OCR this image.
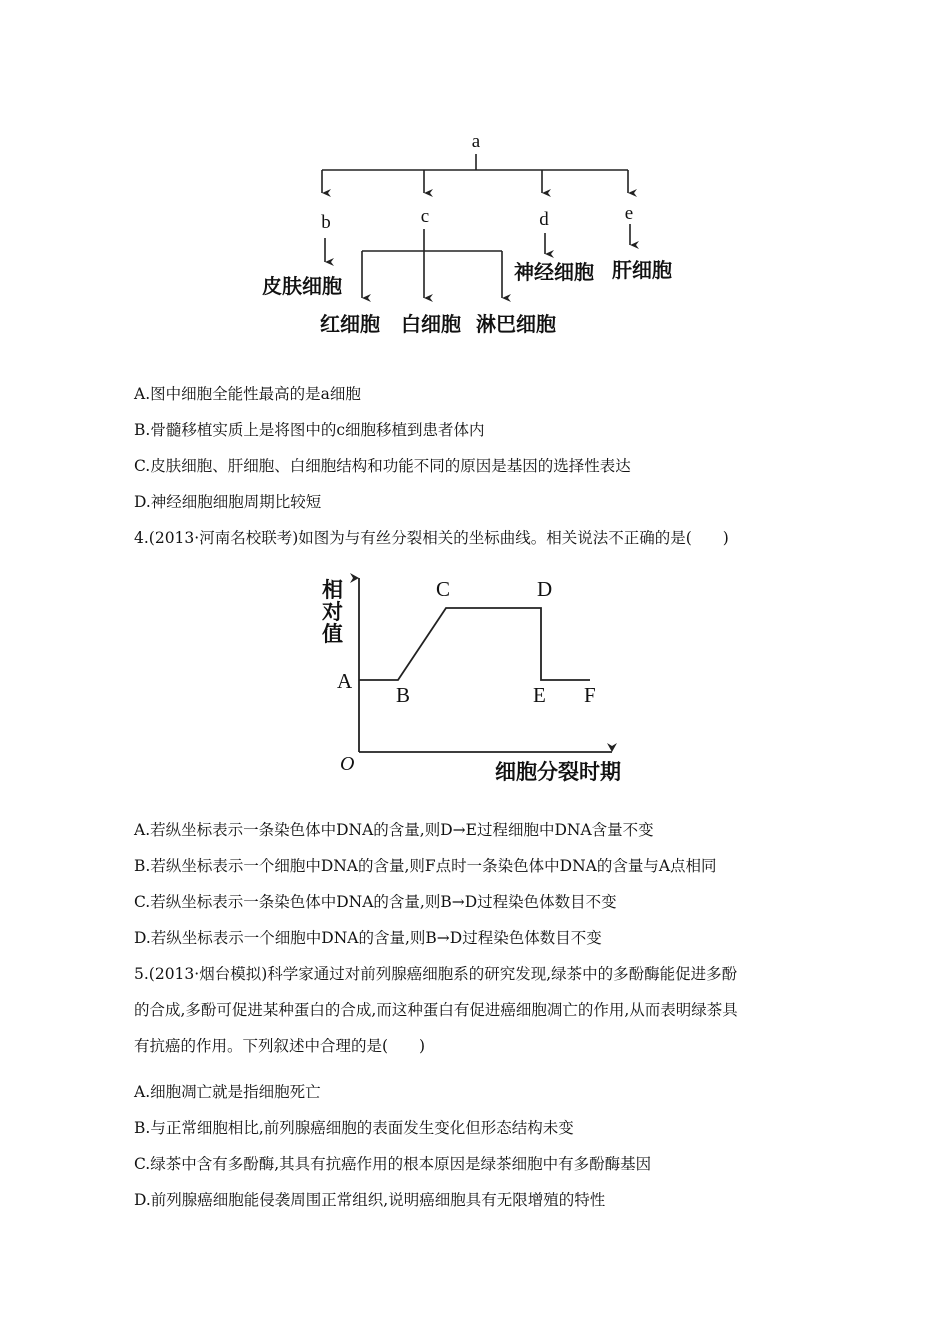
a
b	c	d	e
皮肤细胞
红细胞 白细胞 淋巴细胞
神经细胞 肝细胞
A.图中细胞全能性最高的是a细胞
B.骨髓移植实质上是将图中的c细胞移植到患者体内
C.皮肤细胞、肝细胞、白细胞结构和功能不同的原因是基因的选择性表达
D.神经细胞细胞周期比较短
4.(2013·河南名校联考)如图为与有丝分裂相关的坐标曲线。相关说法不正确的是(　　)
A
B
C	D
E F
相
对
值
细胞分裂时期
O
A.若纵坐标表示一条染色体中DNA的含量,则D→E过程细胞中DNA含量不变
B.若纵坐标表示一个细胞中DNA的含量,则F点时一条染色体中DNA的含量与A点相同
C.若纵坐标表示一条染色体中DNA的含量,则B→D过程染色体数目不变
D.若纵坐标表示一个细胞中DNA的含量,则B→D过程染色体数目不变
5.(2013·烟台模拟)科学家通过对前列腺癌细胞系的研究发现,绿茶中的多酚酶能促进多酚
的合成,多酚可促进某种蛋白的合成,而这种蛋白有促进癌细胞凋亡的作用,从而表明绿茶具
有抗癌的作用。下列叙述中合理的是(　　)
A.细胞凋亡就是指细胞死亡
B.与正常细胞相比,前列腺癌细胞的表面发生变化但形态结构未变
C.绿茶中含有多酚酶,其具有抗癌作用的根本原因是绿茶细胞中有多酚酶基因
D.前列腺癌细胞能侵袭周围正常组织,说明癌细胞具有无限增殖的特性
